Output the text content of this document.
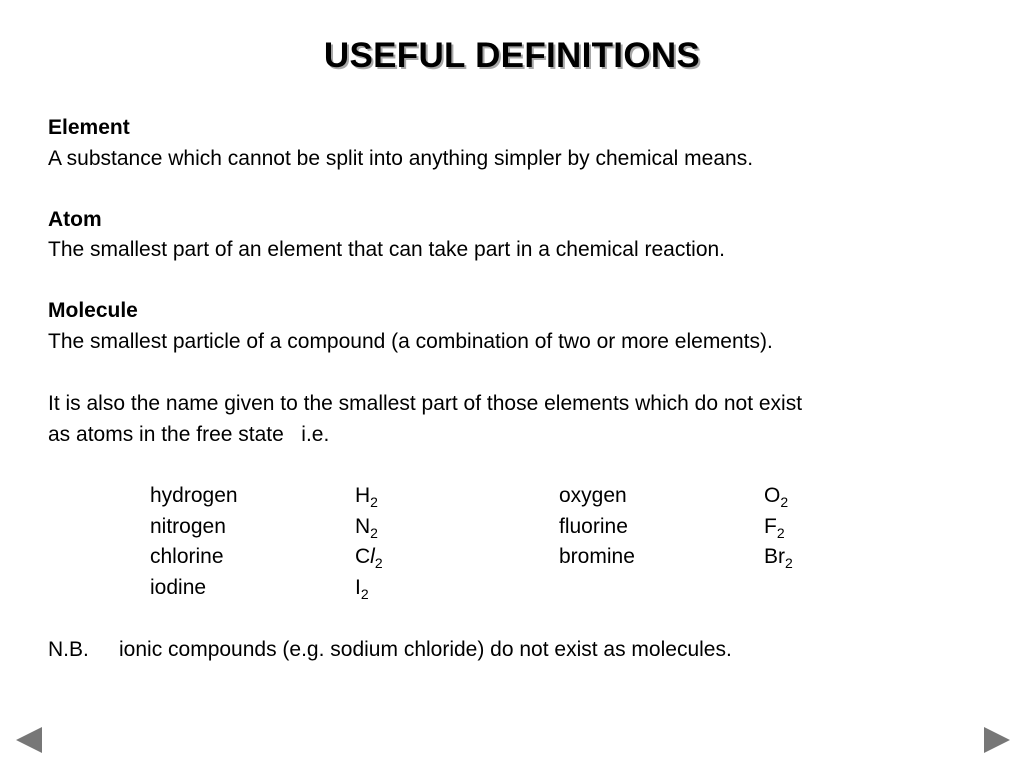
USEFUL DEFINITIONS
Element
A substance which cannot be split into anything simpler by chemical means.
Atom
The smallest part of an element that can take part in a chemical reaction.
Molecule
The smallest particle of a compound (a combination of two or more elements).
It is also the name given to the smallest part of those elements which do not exist
as atoms in the free state   i.e.
hydrogen	$H_2$	oxygen	$O_2$
nitrogen	$N_2$	fluorine	$F_2$
chlorine	$Cl_2$	bromine	$Br_2$
iodine	$I_2$
N.B. ionic compounds (e.g. sodium chloride) do not exist as molecules.
